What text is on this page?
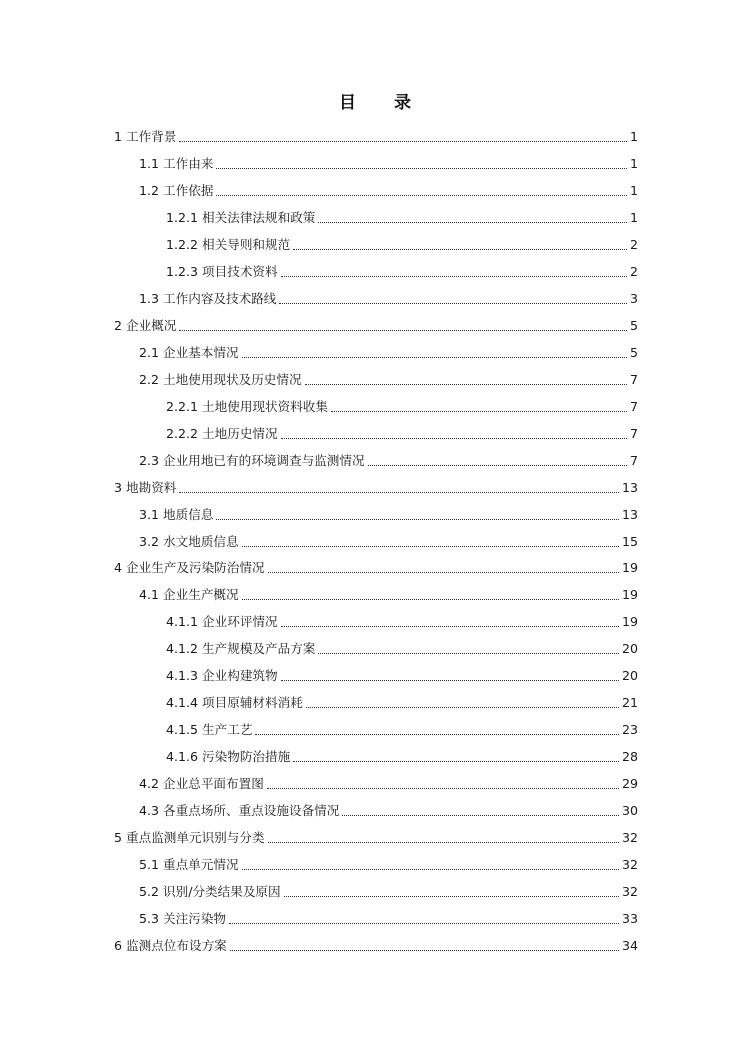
目 录
1 工作背景	1
1.1 工作由来	1
1.2 工作依据	1
1.2.1 相关法律法规和政策	1
1.2.2 相关导则和规范	2
1.2.3 项目技术资料	2
1.3 工作内容及技术路线	3
2 企业概况	5
2.1 企业基本情况	5
2.2 土地使用现状及历史情况	7
2.2.1 土地使用现状资料收集	7
2.2.2 土地历史情况	7
2.3 企业用地已有的环境调查与监测情况	7
3 地勘资料	13
3.1 地质信息	13
3.2 水文地质信息	15
4 企业生产及污染防治情况	19
4.1 企业生产概况	19
4.1.1 企业环评情况	19
4.1.2 生产规模及产品方案	20
4.1.3 企业构建筑物	20
4.1.4 项目原辅材料消耗	21
4.1.5 生产工艺	23
4.1.6 污染物防治措施	28
4.2 企业总平面布置图	29
4.3 各重点场所、重点设施设备情况	30
5 重点监测单元识别与分类	32
5.1 重点单元情况	32
5.2 识别/分类结果及原因	32
5.3 关注污染物	33
6 监测点位布设方案	34
